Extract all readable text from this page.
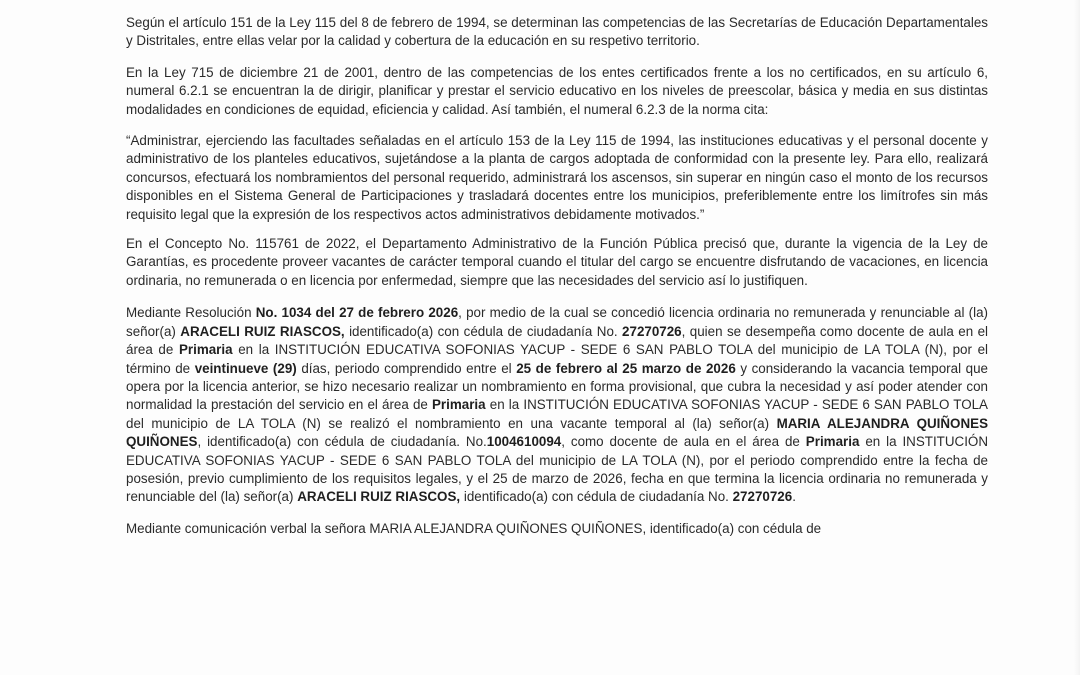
Según el artículo 151 de la Ley 115 del 8 de febrero de 1994, se determinan las competencias de las Secretarías de Educación Departamentales y Distritales, entre ellas velar por la calidad y cobertura de la educación en su respetivo territorio.

En la Ley 715 de diciembre 21 de 2001, dentro de las competencias de los entes certificados frente a los no certificados, en su artículo 6, numeral 6.2.1 se encuentran la de dirigir, planificar y prestar el servicio educativo en los niveles de preescolar, básica y media en sus distintas modalidades en condiciones de equidad, eficiencia y calidad. Así también, el numeral 6.2.3 de la norma cita:

“Administrar, ejerciendo las facultades señaladas en el artículo 153 de la Ley 115 de 1994, las instituciones educativas y el personal docente y administrativo de los planteles educativos, sujetándose a la planta de cargos adoptada de conformidad con la presente ley. Para ello, realizará concursos, efectuará los nombramientos del personal requerido, administrará los ascensos, sin superar en ningún caso el monto de los recursos disponibles en el Sistema General de Participaciones y trasladará docentes entre los municipios, preferiblemente entre los limítrofes sin más requisito legal que la expresión de los respectivos actos administrativos debidamente motivados.”

En el Concepto No. 115761 de 2022, el Departamento Administrativo de la Función Pública precisó que, durante la vigencia de la Ley de Garantías, es procedente proveer vacantes de carácter temporal cuando el titular del cargo se encuentre disfrutando de vacaciones, en licencia ordinaria, no remunerada o en licencia por enfermedad, siempre que las necesidades del servicio así lo justifiquen.

Mediante Resolución No. 1034 del 27 de febrero 2026, por medio de la cual se concedió licencia ordinaria no remunerada y renunciable al (la) señor(a) ARACELI RUIZ RIASCOS, identificado(a) con cédula de ciudadanía No. 27270726, quien se desempeña como docente de aula en el área de Primaria en la INSTITUCIÓN EDUCATIVA SOFONIAS YACUP - SEDE 6 SAN PABLO TOLA del municipio de LA TOLA (N), por el término de veintinueve (29) días, periodo comprendido entre el 25 de febrero al 25 marzo de 2026 y considerando la vacancia temporal que opera por la licencia anterior, se hizo necesario realizar un nombramiento en forma provisional, que cubra la necesidad y así poder atender con normalidad la prestación del servicio en el área de Primaria en la INSTITUCIÓN EDUCATIVA SOFONIAS YACUP - SEDE 6 SAN PABLO TOLA del municipio de LA TOLA (N) se realizó el nombramiento en una vacante temporal al (la) señor(a) MARIA ALEJANDRA QUIÑONES QUIÑONES, identificado(a) con cédula de ciudadanía. No.1004610094, como docente de aula en el área de Primaria en la INSTITUCIÓN EDUCATIVA SOFONIAS YACUP - SEDE 6 SAN PABLO TOLA del municipio de LA TOLA (N), por el periodo comprendido entre la fecha de posesión, previo cumplimiento de los requisitos legales, y el 25 de marzo de 2026, fecha en que termina la licencia ordinaria no remunerada y renunciable del (la) señor(a) ARACELI RUIZ RIASCOS, identificado(a) con cédula de ciudadanía No. 27270726.

Mediante comunicación verbal la señora MARIA ALEJANDRA QUIÑONES QUIÑONES, identificado(a) con cédula de
